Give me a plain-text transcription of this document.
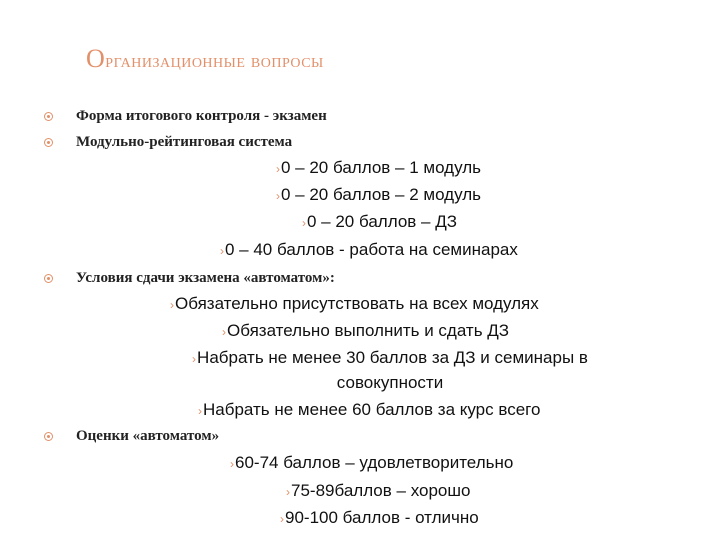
Организационные вопросы
Форма итогового контроля - экзамен
Модульно-рейтинговая система
›0 – 20 баллов – 1 модуль
›0 – 20 баллов – 2 модуль
›0 – 20 баллов – ДЗ
›0 – 40 баллов - работа на семинарах
Условия сдачи экзамена «автоматом»:
›Обязательно присутствовать на всех модулях
›Обязательно выполнить и сдать ДЗ
›Набрать не менее 30 баллов за ДЗ и семинары в совокупности
›Набрать не менее 60 баллов за курс всего
Оценки «автоматом»
›60-74 баллов – удовлетворительно
›75-89баллов – хорошо
›90-100 баллов - отлично
